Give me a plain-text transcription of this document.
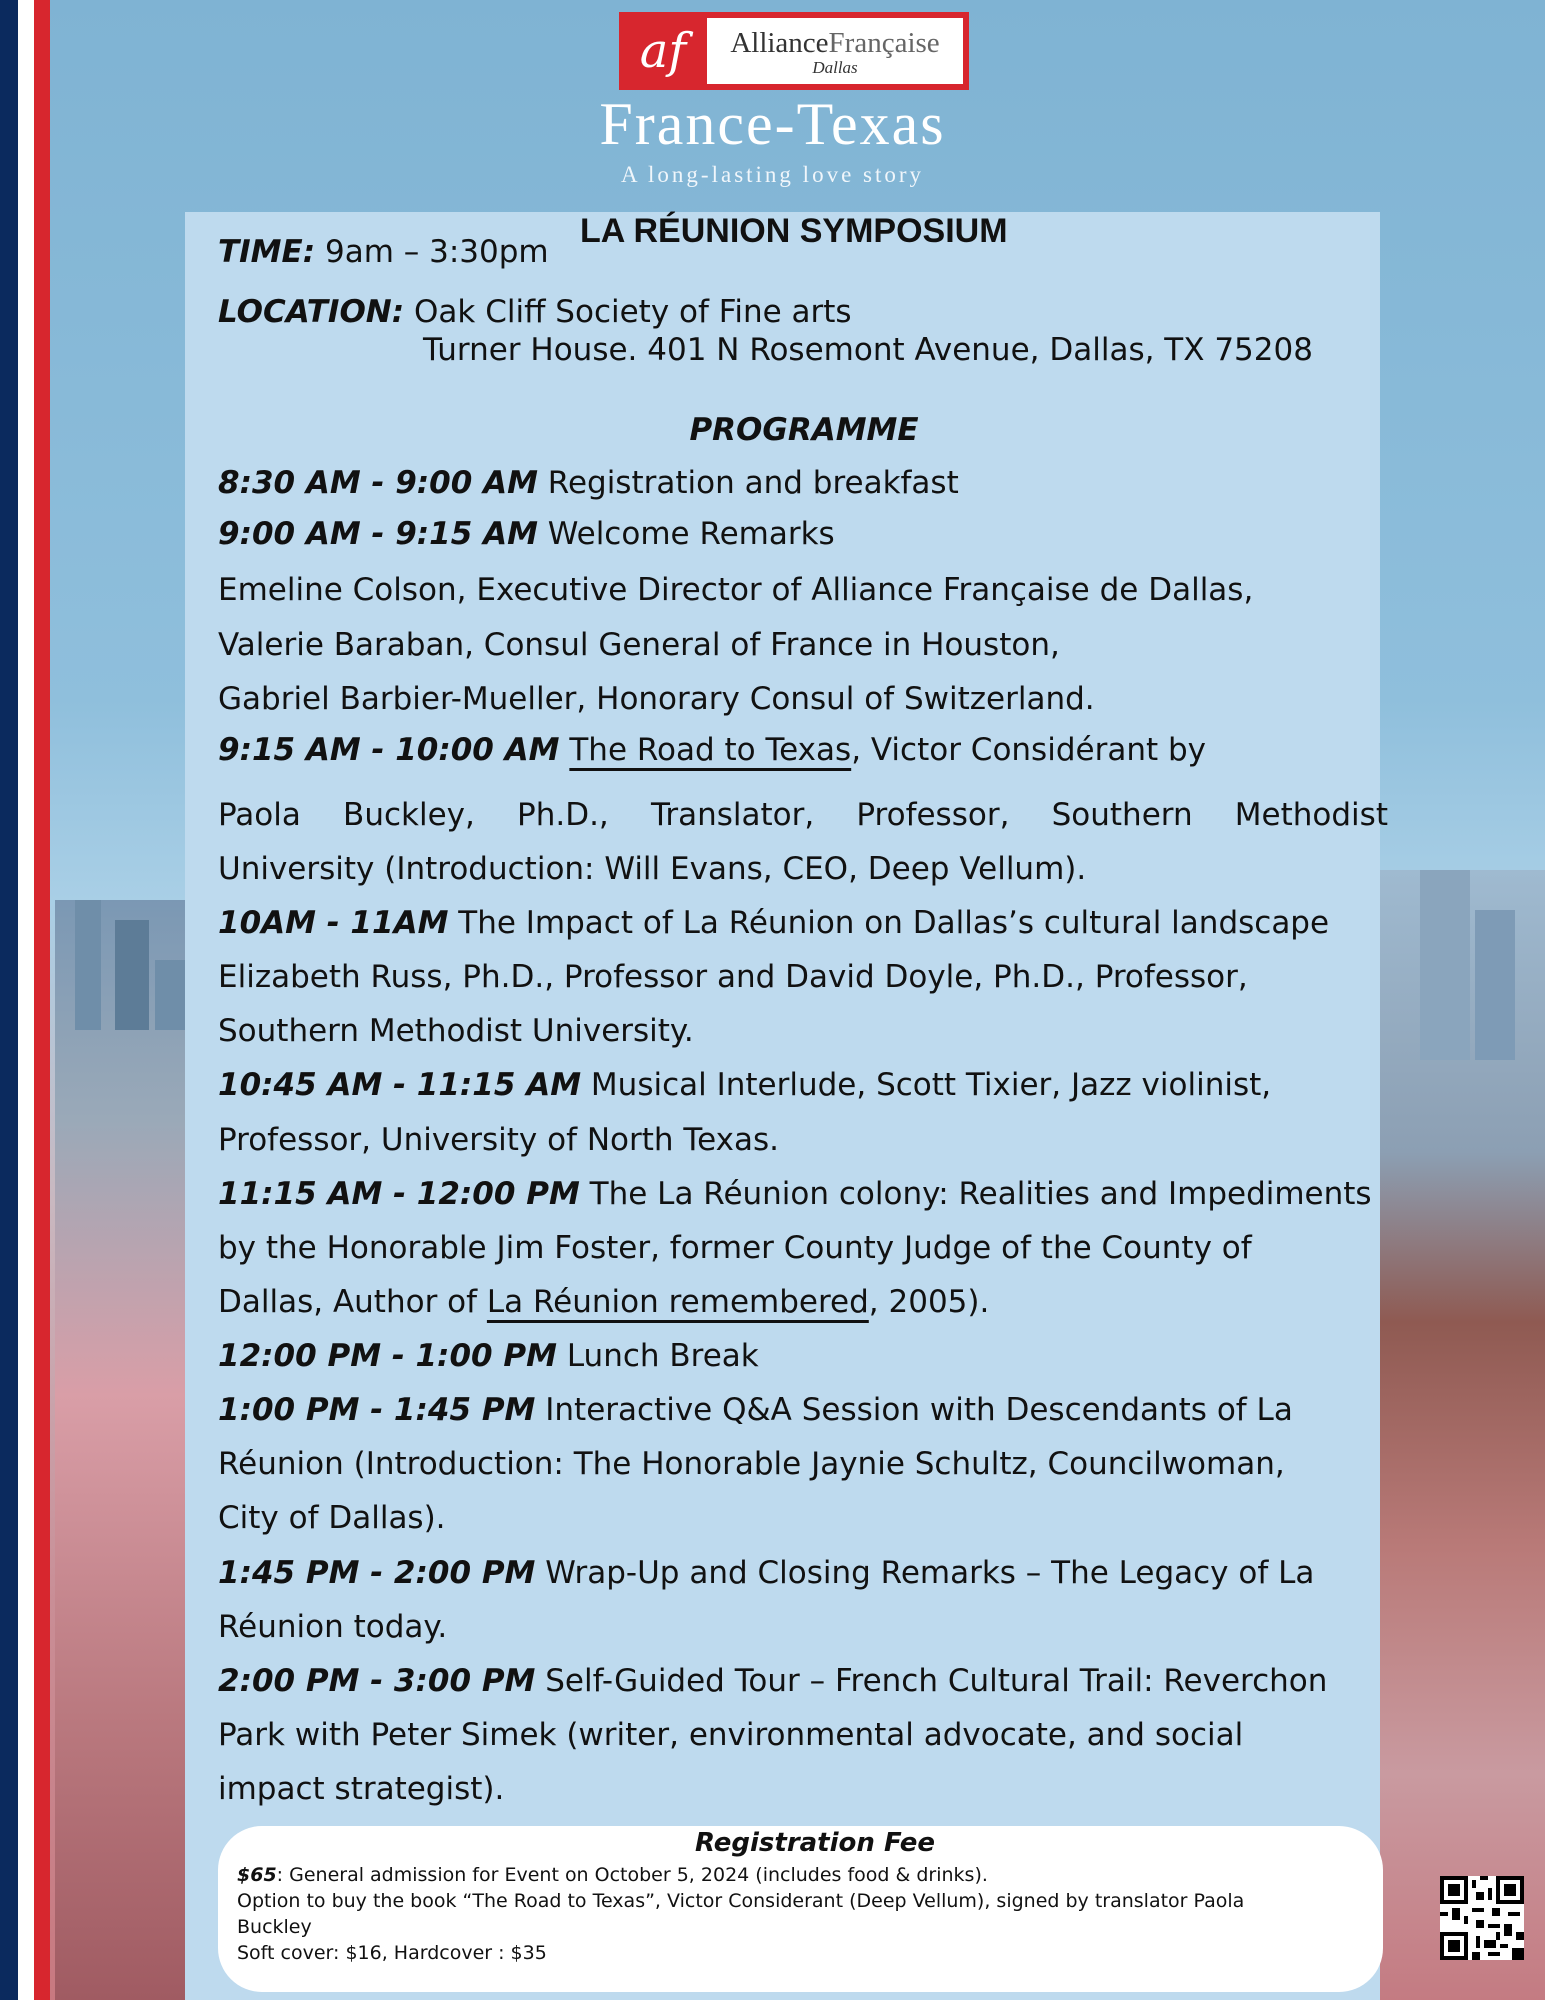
af	AllianceFrançaise
Dallas
France-Texas
A long-lasting love story
LA RÉUNION SYMPOSIUM
TIME: 9am – 3:30pm
LOCATION: Oak Cliff Society of Fine arts
Turner House. 401 N Rosemont Avenue, Dallas, TX 75208
PROGRAMME
8:30 AM - 9:00 AM Registration and breakfast
9:00 AM - 9:15 AM Welcome Remarks
Emeline Colson, Executive Director of Alliance Française de Dallas,
Valerie Baraban, Consul General of France in Houston,
Gabriel Barbier-Mueller, Honorary Consul of Switzerland.
9:15 AM - 10:00 AM The Road to Texas, Victor Considérant by
Paola Buckley, Ph.D., Translator, Professor, Southern Methodist
University (Introduction: Will Evans, CEO, Deep Vellum).
10AM - 11AM The Impact of La Réunion on Dallas’s cultural landscape
Elizabeth Russ, Ph.D., Professor and David Doyle, Ph.D., Professor,
Southern Methodist University.
10:45 AM - 11:15 AM Musical Interlude, Scott Tixier, Jazz violinist,
Professor, University of North Texas.
11:15 AM - 12:00 PM The La Réunion colony: Realities and Impediments
by the Honorable Jim Foster, former County Judge of the County of
Dallas, Author of La Réunion remembered, 2005).
12:00 PM - 1:00 PM Lunch Break
1:00 PM - 1:45 PM Interactive Q&A Session with Descendants of La
Réunion (Introduction: The Honorable Jaynie Schultz, Councilwoman,
City of Dallas).
1:45 PM - 2:00 PM Wrap-Up and Closing Remarks – The Legacy of La
Réunion today.
2:00 PM - 3:00 PM Self-Guided Tour – French Cultural Trail: Reverchon
Park with Peter Simek (writer, environmental advocate, and social
impact strategist).
Registration Fee
$65: General admission for Event on October 5, 2024 (includes food & drinks).
Option to buy the book “The Road to Texas”, Victor Considerant (Deep Vellum), signed by translator Paola
Buckley
Soft cover: $16, Hardcover : $35
